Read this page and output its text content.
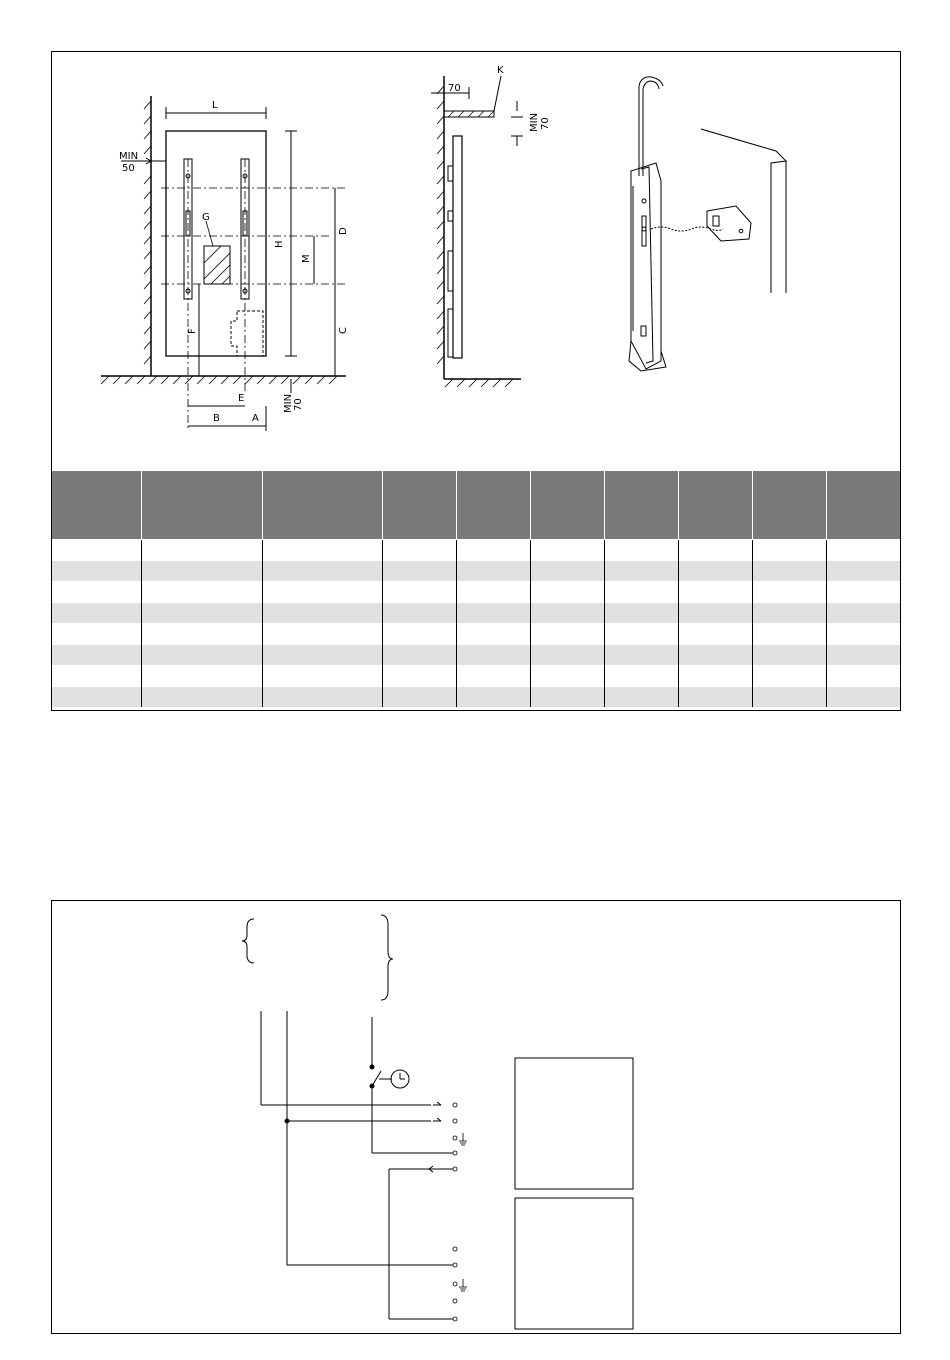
L
G
H
M
D
C
F
B
E
A
MIN
50
MIN 70
70
K
MIN 70
